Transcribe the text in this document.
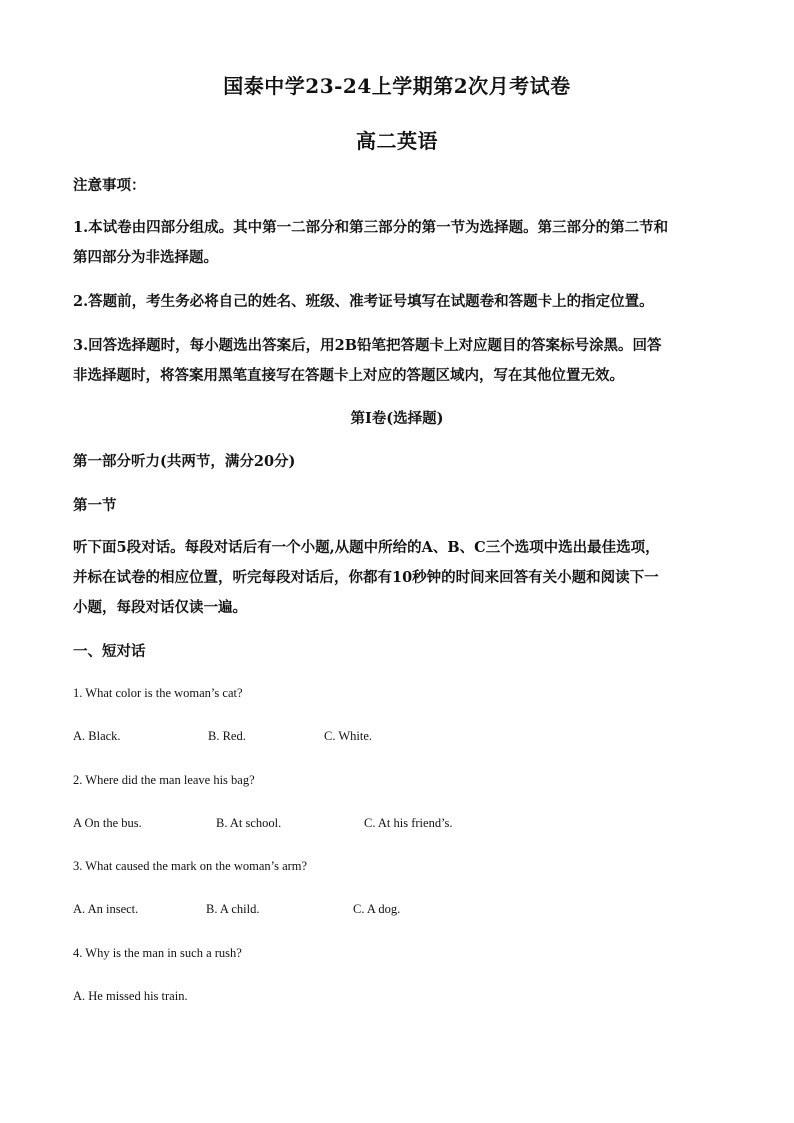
国泰中学23-24上学期第2次月考试卷
高二英语
注意事项：
1.本试卷由四部分组成。其中第一二部分和第三部分的第一节为选择题。第三部分的第二节和
第四部分为非选择题。
2.答题前，考生务必将自己的姓名、班级、准考证号填写在试题卷和答题卡上的指定位置。
3.回答选择题时，每小题选出答案后，用2B铅笔把答题卡上对应题目的答案标号涂黑。回答
非选择题时，将答案用黑笔直接写在答题卡上对应的答题区域内，写在其他位置无效。
第I卷(选择题)
第一部分听力(共两节，满分20分)
第一节
听下面5段对话。每段对话后有一个小题,从题中所给的A、B、C三个选项中选出最佳选项，
并标在试卷的相应位置，听完每段对话后，你都有10秒钟的时间来回答有关小题和阅读下一
小题，每段对话仅读一遍。
一、短对话
1. What color is the woman’s cat?
A. Black.	B. Red.	C. White.
2. Where did the man leave his bag?
A On the bus.	B. At school.	C. At his friend’s.
3. What caused the mark on the woman’s arm?
A. An insect.	B. A child.	C. A dog.
4. Why is the man in such a rush?
A. He missed his train.
